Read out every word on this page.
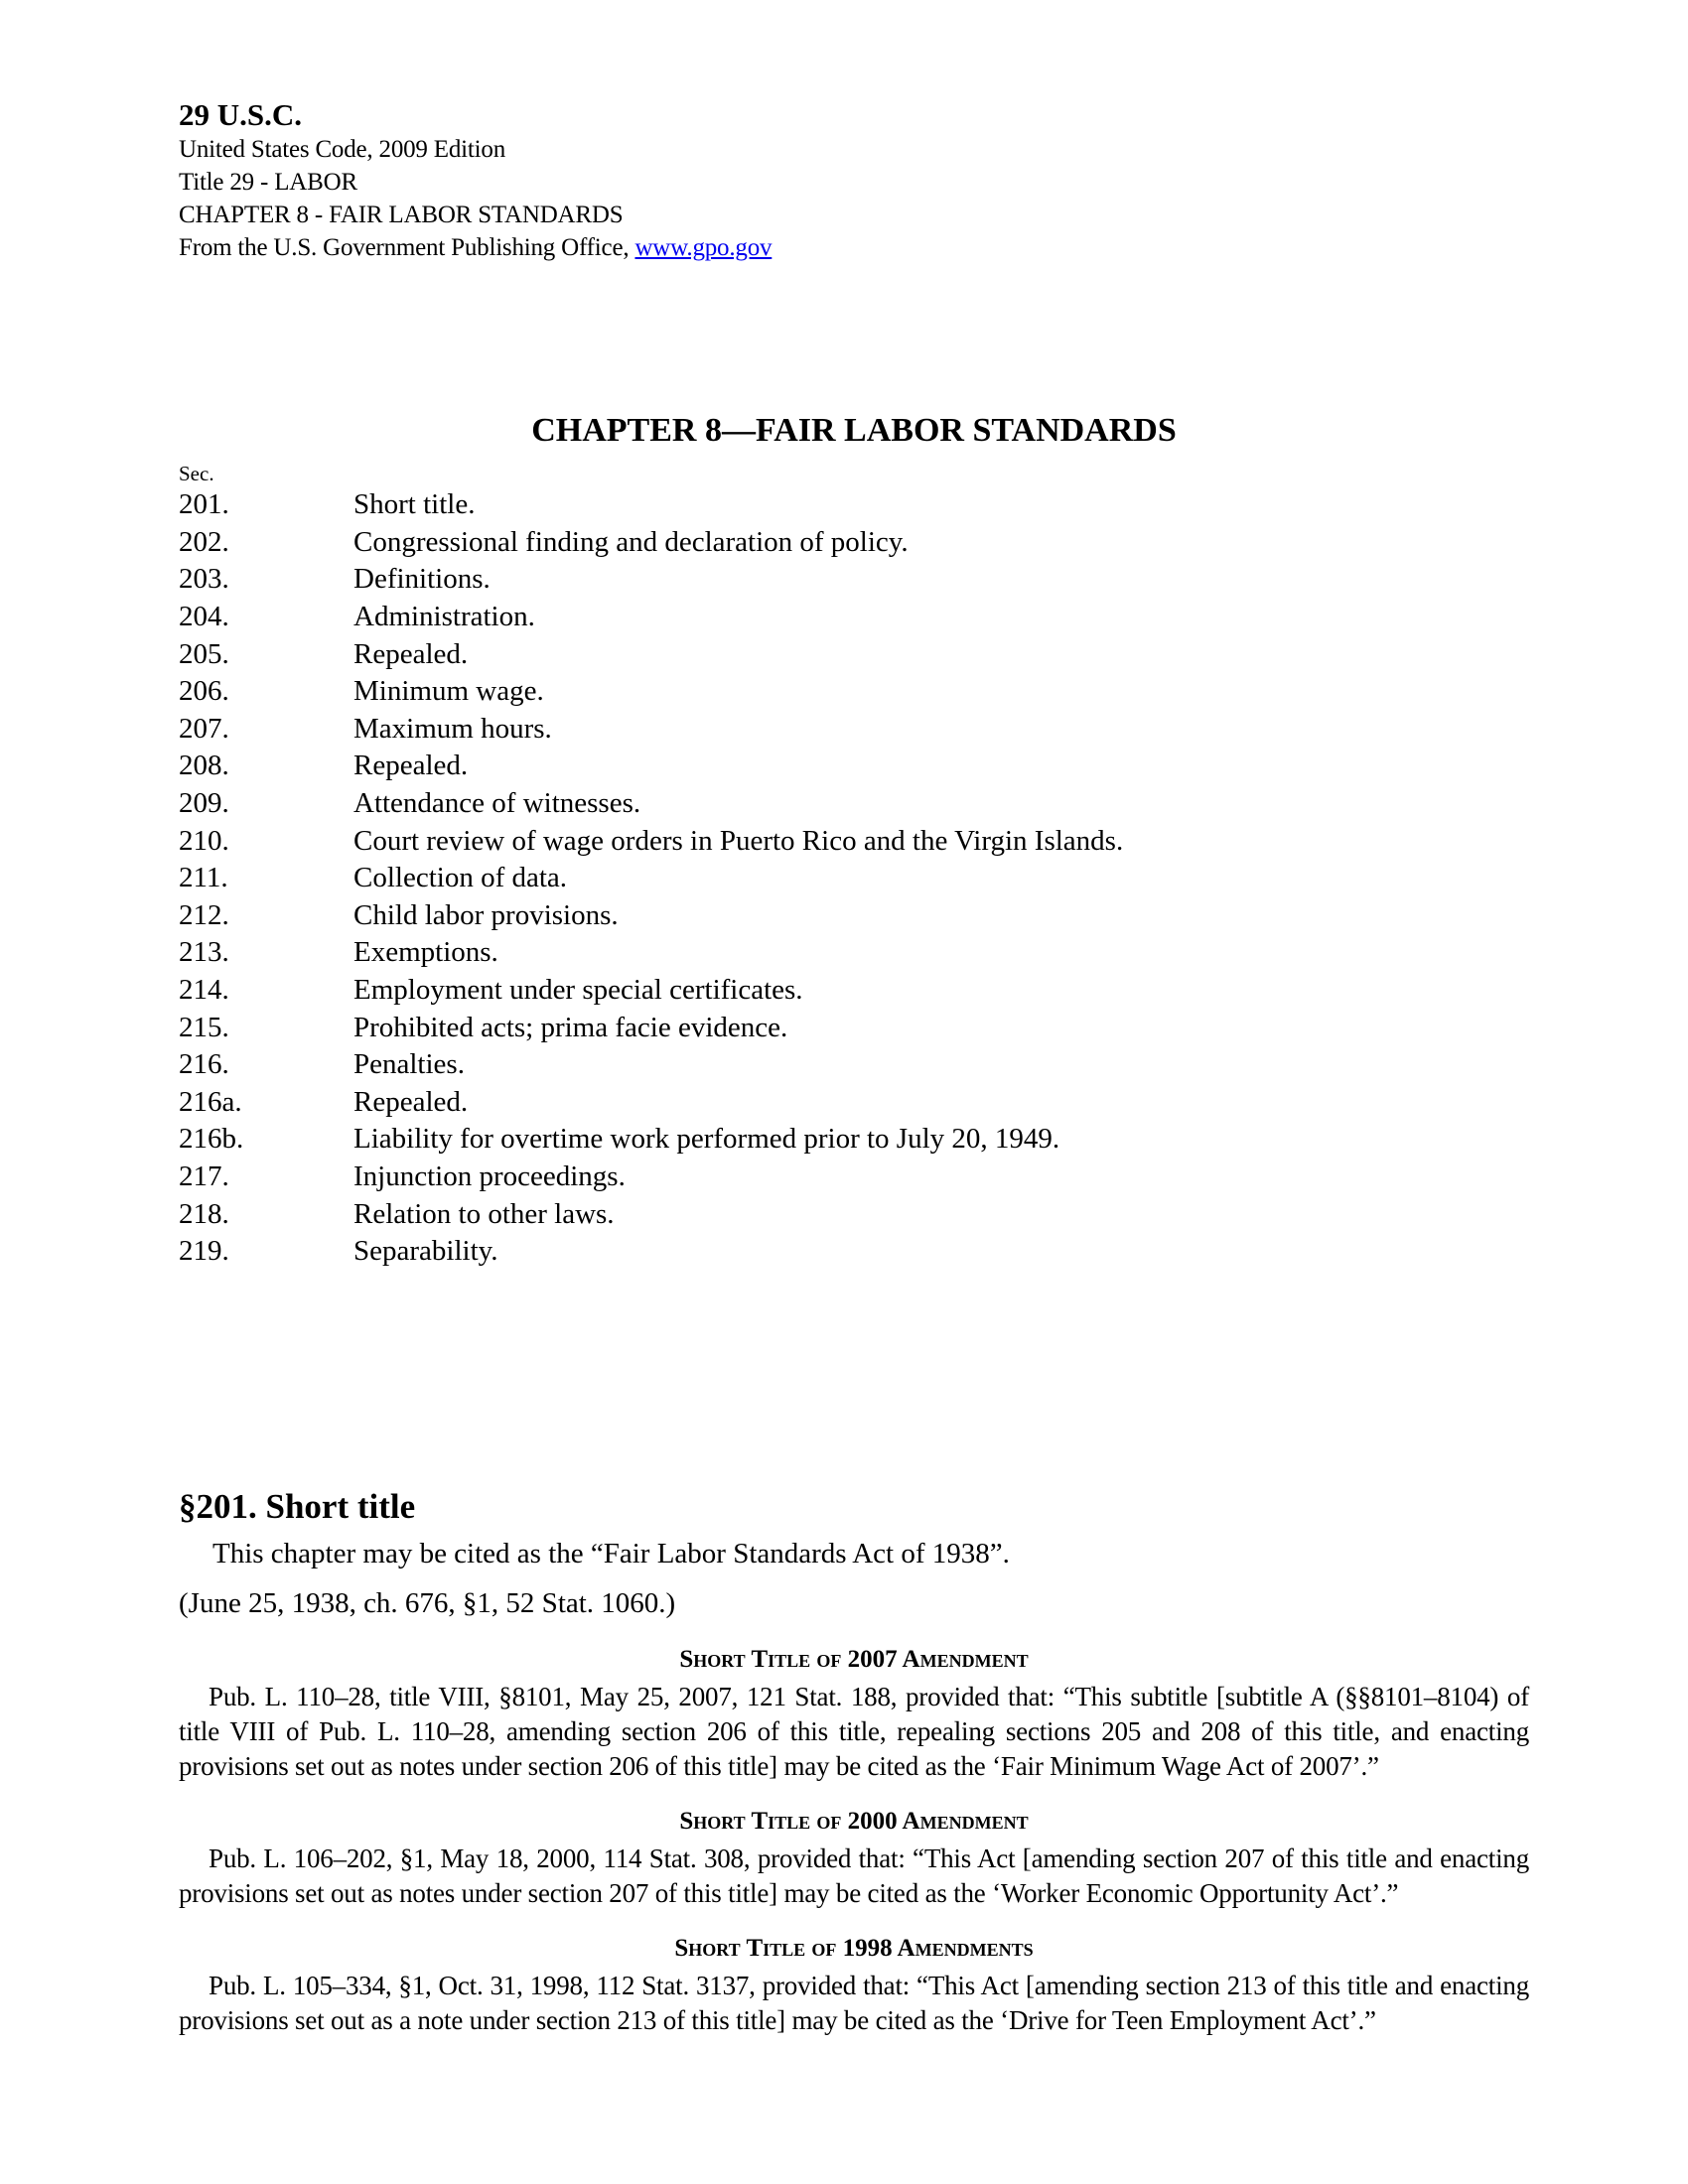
29 U.S.C.

United States Code, 2009 Edition

Title 29 - LABOR

CHAPTER 8 - FAIR LABOR STANDARDS

From the U.S. Government Publishing Office, www.gpo.gov

CHAPTER 8—FAIR LABOR STANDARDS
Sec.
201.	Short title.
202.	Congressional finding and declaration of policy.
203.	Definitions.
204.	Administration.
205.	Repealed.
206.	Minimum wage.
207.	Maximum hours.
208.	Repealed.
209.	Attendance of witnesses.
210.	Court review of wage orders in Puerto Rico and the Virgin Islands.
211.	Collection of data.
212.	Child labor provisions.
213.	Exemptions.
214.	Employment under special certificates.
215.	Prohibited acts; prima facie evidence.
216.	Penalties.
216a.	Repealed.
216b.	Liability for overtime work performed prior to July 20, 1949.
217.	Injunction proceedings.
218.	Relation to other laws.
219.	Separability.
§201. Short title

This chapter may be cited as the “Fair Labor Standards Act of 1938”.

(June 25, 1938, ch. 676, §1, 52 Stat. 1060.)

Short Title of 2007 Amendment

Pub. L. 110–28, title VIII, §8101, May 25, 2007, 121 Stat. 188, provided that: “This subtitle [subtitle A (§§8101–8104) of title VIII of Pub. L. 110–28, amending section 206 of this title, repealing sections 205 and 208 of this title, and enacting provisions set out as notes under section 206 of this title] may be cited as the ‘Fair Minimum Wage Act of 2007’.”

Short Title of 2000 Amendment

Pub. L. 106–202, §1, May 18, 2000, 114 Stat. 308, provided that: “This Act [amending section 207 of this title and enacting provisions set out as notes under section 207 of this title] may be cited as the ‘Worker Economic Opportunity Act’.”

Short Title of 1998 Amendments

Pub. L. 105–334, §1, Oct. 31, 1998, 112 Stat. 3137, provided that: “This Act [amending section 213 of this title and enacting provisions set out as a note under section 213 of this title] may be cited as the ‘Drive for Teen Employment Act’.”
